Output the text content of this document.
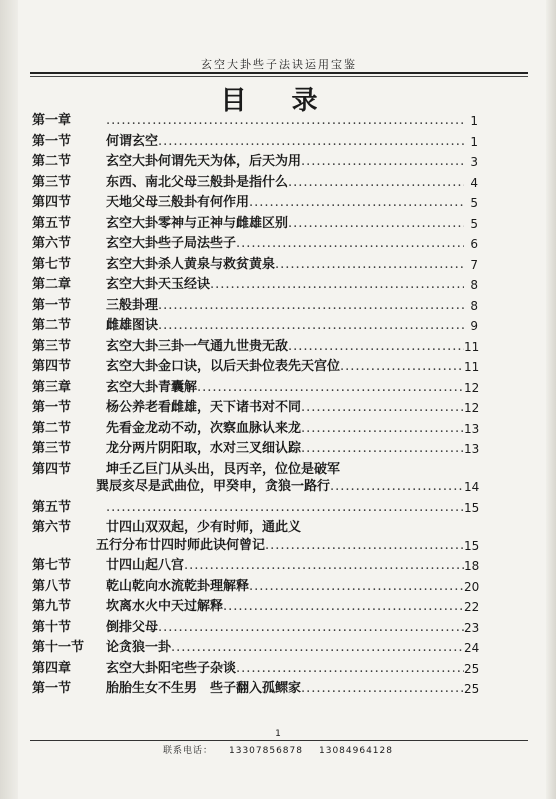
玄空大卦些子法诀运用宝鉴
目 录
第一章 .....	1
第一节	何谓玄空 .....	1
第二节	玄空大卦何谓先天为体，后天为用 .....	3
第三节	东西、南北父母三般卦是指什么 .....	4
第四节	天地父母三般卦有何作用 .....	5
第五节	玄空大卦零神与正神与雌雄区别 .....	5
第六节	玄空大卦些子局法些子 .....	6
第七节	玄空大卦杀人黄泉与救贫黄泉 .....	7
第二章	玄空大卦天玉经诀 .....	8
第一节	三般卦理 .....	8
第二节	雌雄图诀 .....	9
第三节	玄空大卦三卦一气通九世贵无敌 .....	11
第四节	玄空大卦金口诀，以后天卦位表先天宫位 .....	11
第三章	玄空大卦青囊解 .....	12
第一节	杨公养老看雌雄，天下诸书对不同 .....	12
第二节	先看金龙动不动，次察血脉认来龙 .....	13
第三节	龙分两片阴阳取，水对三叉细认踪 .....	13
第四节	坤壬乙巨门从头出，艮丙辛，位位是破军
巽辰亥尽是武曲位，甲癸申，贪狼一路行 .....	14
第五节 .....	15
第六节	廿四山双双起，少有时师，通此义
五行分布廿四时师此诀何曾记 .....	15
第七节	廿四山起八宫 .....	18
第八节	乾山乾向水流乾卦理解释 .....	20
第九节	坎离水火中天过解释 .....	22
第十节	倒排父母 .....	23
第十一节 论贪狼一卦 .....	24
第四章	玄空大卦阳宅些子杂谈 .....	25
第一节	胎胎生女不生男　些子翻入孤鳏家 .....	25
1
联系电话： 13307856878 13084964128
